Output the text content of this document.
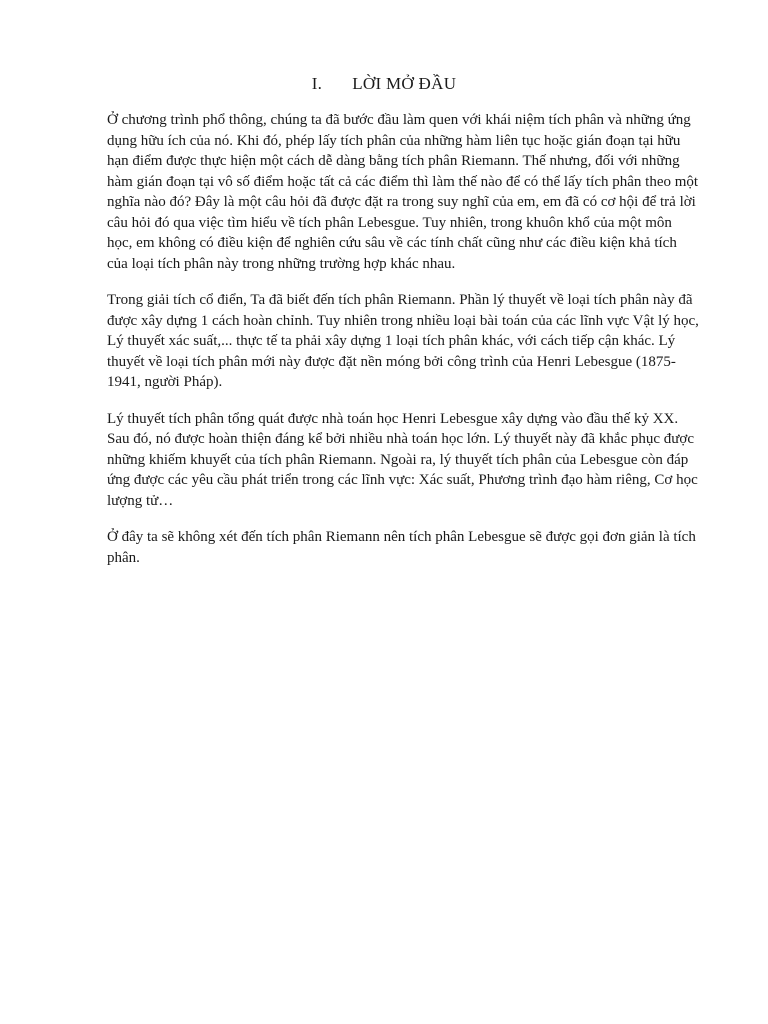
I. LỜI MỞ ĐẦU

Ở chương trình phổ thông, chúng ta đã bước đầu làm quen với khái niệm tích phân và những ứng dụng hữu ích của nó. Khi đó, phép lấy tích phân của những hàm liên tục hoặc gián đoạn tại hữu hạn điểm được thực hiện một cách dễ dàng bằng tích phân Riemann. Thế nhưng, đối với những hàm gián đoạn tại vô số điểm hoặc tất cả các điểm thì làm thế nào để có thể lấy tích phân theo một nghĩa nào đó? Đây là một câu hỏi đã được đặt ra trong suy nghĩ của em, em đã có cơ hội để trả lời câu hỏi đó qua việc tìm hiểu về tích phân Lebesgue. Tuy nhiên, trong khuôn khổ của một môn học, em không có điều kiện để nghiên cứu sâu về các tính chất cũng như các điều kiện khả tích của loại tích phân này trong những trường hợp khác nhau.

Trong giải tích cổ điển, Ta đã biết đến tích phân Riemann. Phần lý thuyết về loại tích phân này đã được xây dựng 1 cách hoàn chỉnh. Tuy nhiên trong nhiều loại bài toán của các lĩnh vực Vật lý học, Lý thuyết xác suất,... thực tế ta phải xây dựng 1 loại tích phân khác, với cách tiếp cận khác. Lý thuyết về loại tích phân mới này được đặt nền móng bởi công trình của Henri Lebesgue (1875-1941, người Pháp).

Lý thuyết tích phân tổng quát được nhà toán học Henri Lebesgue xây dựng vào đầu thế kỷ XX. Sau đó, nó được hoàn thiện đáng kể bởi nhiều nhà toán học lớn. Lý thuyết này đã khắc phục được những khiếm khuyết của tích phân Riemann. Ngoài ra, lý thuyết tích phân của Lebesgue còn đáp ứng được các yêu cầu phát triển trong các lĩnh vực: Xác suất, Phương trình đạo hàm riêng, Cơ học lượng tử…

Ở đây ta sẽ không xét đến tích phân Riemann nên tích phân Lebesgue sẽ được gọi đơn giản là tích phân.
